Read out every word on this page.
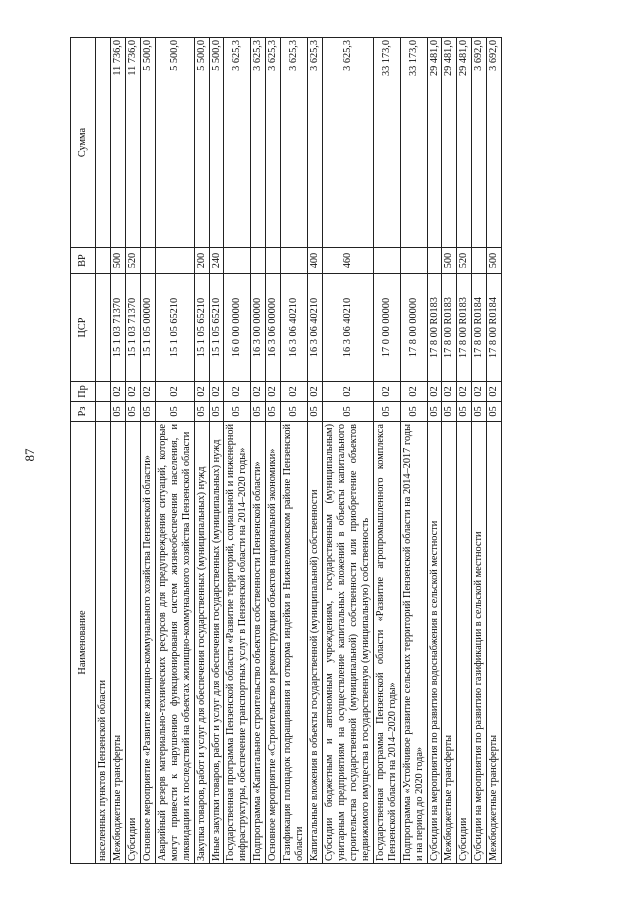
87
Наименование	Рз	Пр	ЦСР	ВР	Сумма
населенных пунктов Пензенской области					
Межбюджетные трансферты	05	02	15 1 03 71370	500	11 736,0
Субсидии	05	02	15 1 03 71370	520	11 736,0
Основное мероприятие «Развитие жилищно-коммунального хозяйства Пензенской области»	05	02	15 1 05 00000		5 500,0
Аварийный резерв материально-технических ресурсов для предупреждения ситуаций, которые могут привести к нарушению функционирования систем жизнеобеспечения населения, и ликвидации их последствий на объектах жилищно-коммунального хозяйства Пензенской области	05	02	15 1 05 65210		5 500,0
Закупка товаров, работ и услуг для обеспечения государственных (муниципальных) нужд	05	02	15 1 05 65210	200	5 500,0
Иные закупки товаров, работ и услуг для обеспечения государственных (муниципальных) нужд	05	02	15 1 05 65210	240	5 500,0
Государственная программа Пензенской области «Развитие территорий, социальной и инженерной инфраструктуры, обеспечение транспортных услуг в Пензенской области на 2014–2020 годы»	05	02	16 0 00 00000		3 625,3
Подпрограмма «Капитальное строительство объектов собственности Пензенской области»	05	02	16 3 00 00000		3 625,3
Основное мероприятие «Строительство и реконструкция объектов национальной экономики»	05	02	16 3 06 00000		3 625,3
Газификация площадок подращивания и откорма индейки в Нижнеломовском районе Пензенской области	05	02	16 3 06 40210		3 625,3
Капитальные вложения в объекты государственной (муниципальной) собственности	05	02	16 3 06 40210	400	3 625,3
Субсидии бюджетным и автономным учреждениям, государственным (муниципальным) унитарным предприятиям на осуществление капитальных вложений в объекты капитального строительства государственной (муниципальной) собственности или приобретение объектов недвижимого имущества в государственную (муниципальную) собственность	05	02	16 3 06 40210	460	3 625,3
Государственная программа Пензенской области «Развитие агропромышленного комплекса Пензенской области на 2014–2020 годы»	05	02	17 0 00 00000		33 173,0
Подпрограмма «Устойчивое развитие сельских территорий Пензенской области на 2014–2017 годы и на период до 2020 года»	05	02	17 8 00 00000		33 173,0
Субсидии на мероприятия по развитию водоснабжения в сельской местности	05	02	17 8 00 R0183		29 481,0
Межбюджетные трансферты	05	02	17 8 00 R0183	500	29 481,0
Субсидии	05	02	17 8 00 R0183	520	29 481,0
Субсидии на мероприятия по развитию газификации в сельской местности	05	02	17 8 00 R0184		3 692,0
Межбюджетные трансферты	05	02	17 8 00 R0184	500	3 692,0
